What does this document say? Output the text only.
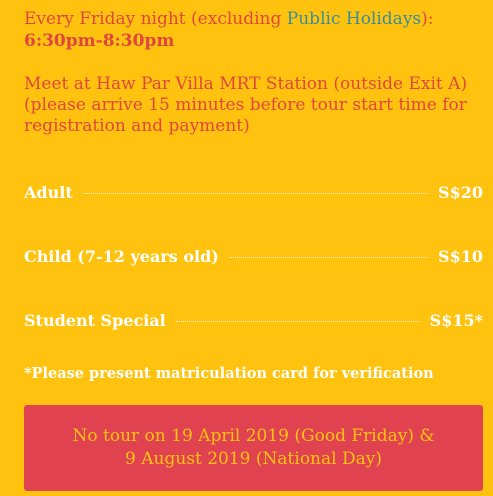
Every Friday night (excluding Public Holidays):
6:30pm-8:30pm
Meet at Haw Par Villa MRT Station (outside Exit A)
(please arrive 15 minutes before tour start time for registration and payment)
Adult	S$20
Child (7-12 years old)	S$10
Student Special	S$15*
*Please present matriculation card for verification
No tour on 19 April 2019 (Good Friday) &
9 August 2019 (National Day)
